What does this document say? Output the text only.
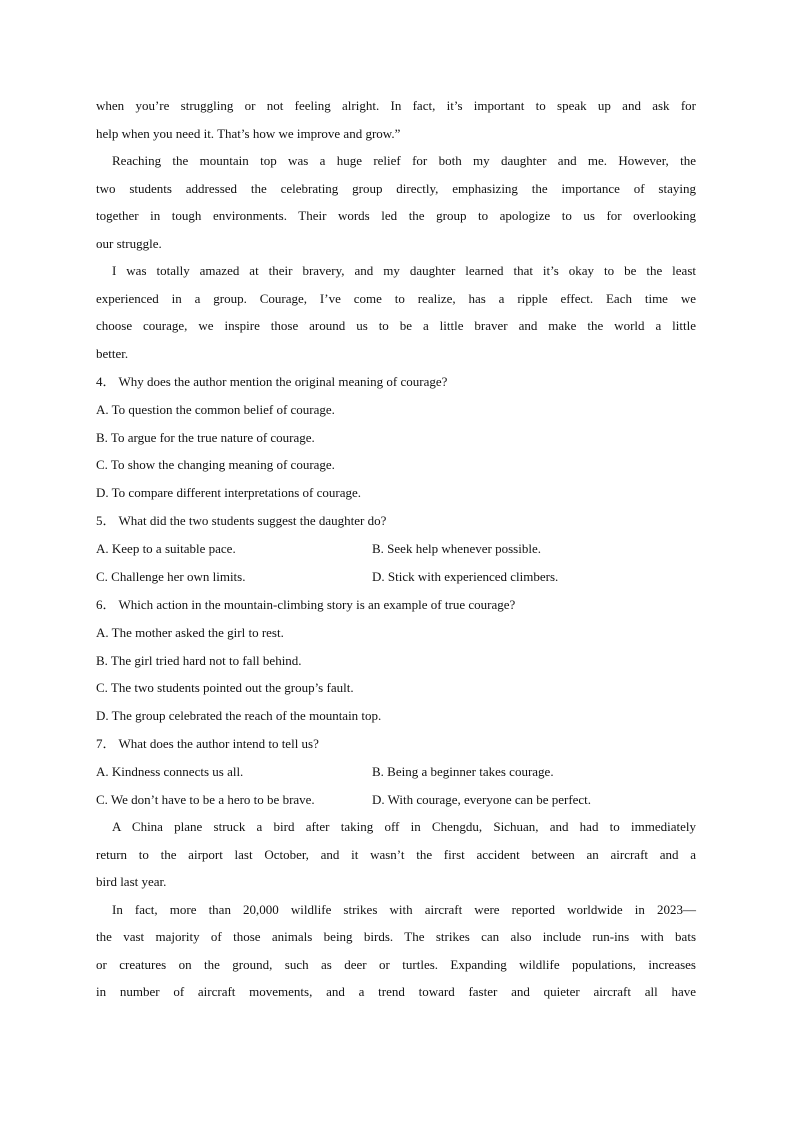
when you’re struggling or not feeling alright. In fact, it’s important to speak up and ask for
help when you need it. That’s how we improve and grow.”
Reaching the mountain top was a huge relief for both my daughter and me. However, the
two students addressed the celebrating group directly, emphasizing the importance of staying
together in tough environments. Their words led the group to apologize to us for overlooking
our struggle.
I was totally amazed at their bravery, and my daughter learned that it’s okay to be the least
experienced in a group. Courage, I’ve come to realize, has a ripple effect. Each time we
choose courage, we inspire those around us to be a little braver and make the world a little
better.
4． Why does the author mention the original meaning of courage?
A. To question the common belief of courage.
B. To argue for the true nature of courage.
C. To show the changing meaning of courage.
D. To compare different interpretations of courage.
5． What did the two students suggest the daughter do?
A. Keep to a suitable pace.	B. Seek help whenever possible.
C. Challenge her own limits.	D. Stick with experienced climbers.
6． Which action in the mountain-climbing story is an example of true courage?
A. The mother asked the girl to rest.
B. The girl tried hard not to fall behind.
C. The two students pointed out the group’s fault.
D. The group celebrated the reach of the mountain top.
7． What does the author intend to tell us?
A. Kindness connects us all.	B. Being a beginner takes courage.
C. We don’t have to be a hero to be brave.	D. With courage, everyone can be perfect.
A China plane struck a bird after taking off in Chengdu, Sichuan, and had to immediately
return to the airport last October, and it wasn’t the first accident between an aircraft and a
bird last year.
In fact, more than 20,000 wildlife strikes with aircraft were reported worldwide in 2023—
the vast majority of those animals being birds. The strikes can also include run-ins with bats
or creatures on the ground, such as deer or turtles. Expanding wildlife populations, increases
in number of aircraft movements, and a trend toward faster and quieter aircraft all have
